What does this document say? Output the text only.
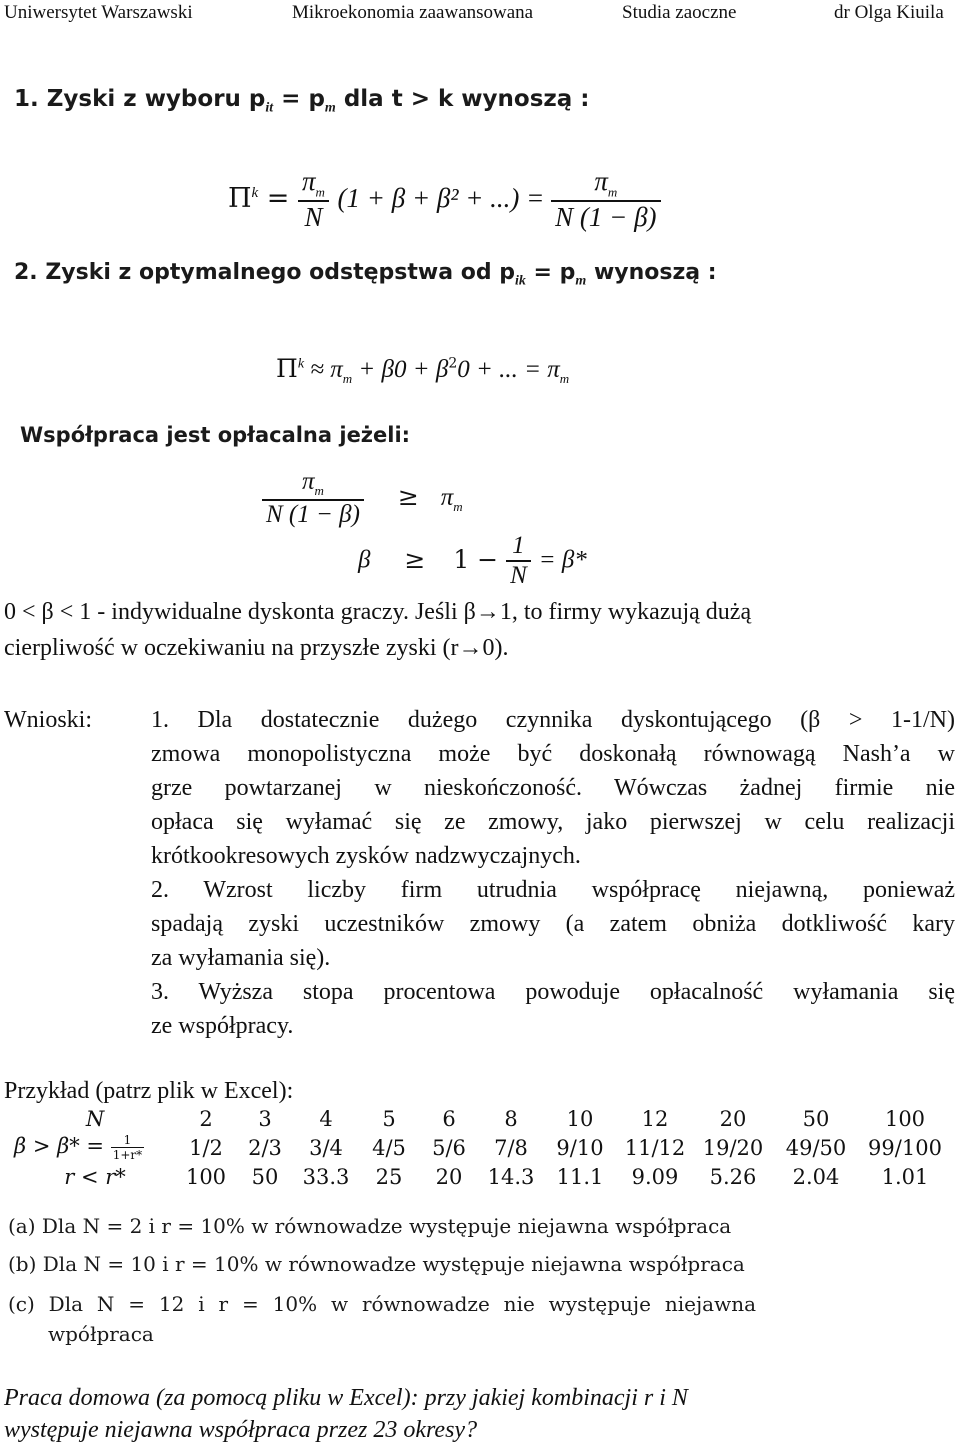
Uniwersytet Warszawski	Mikroekonomia zaawansowana	Studia zaoczne	dr Olga Kiuila
1. Zyski z wyboru $p_{it} = p_m$ dla t > k wynoszą :
$\Pi^k = \frac{\pi_m}{N} (1 + \beta + \beta^2$ + ...) = $\frac{\pi_m}{N (1 - \beta)}$
2. Zyski z optymalnego odstępstwa od $p_{ik} = p_m$ wynoszą :
$\Pi^k \approx \pi_m + \beta 0 + \beta^20$ + ... = $\pi_m$
Współpraca jest opłacalna jeżeli:
$\frac{\pi_m}{N (1 - \beta)} \ge \pi_m$
$\beta \ge 1 - \frac{1}{N} = \beta*$
0 < β < 1 - indywidualne dyskonta graczy. Jeśli β→1, to firmy wykazują dużą
cierpliwość w oczekiwaniu na przyszłe zyski (r→0).
Wnioski: 1. Dla dostatecznie dużego czynnika dyskontującego (β > 1-1/N)
zmowa monopolistyczna może być doskonałą równowagą Nash’a w
grze powtarzanej w nieskończoność. Wówczas żadnej firmie nie
opłaca się wyłamać się ze zmowy, jako pierwszej w celu realizacji
krótkookresowych zysków nadzwyczajnych.
2. Wzrost liczby firm utrudnia współpracę niejawną, ponieważ
spadają zyski uczestników zmowy (a zatem obniża dotkliwość kary
za wyłamania się).
3. Wyższa stopa procentowa powoduje opłacalność wyłamania się
ze współpracy.
Przykład (patrz plik w Excel):
N	2	3	4	5	6	8	10	12	20	50	100
$\beta > \beta* = \frac{1}{1+r*}$	1/2	2/3	3/4	4/5	5/6	7/8	9/10	11/12	19/20	49/50	99/100
r < r*	100	50	33.3	25	20	14.3	11.1	9.09	5.26	2.04	1.01
(a) Dla N = 2 i r = 10% w równowadze występuje niejawna współpraca
(b) Dla N = 10 i r = 10% w równowadze występuje niejawna współpraca
(c) Dla N = 12 i r = 10% w równowadze nie występuje niejawna
wpółpraca
Praca domowa (za pomocą pliku w Excel): przy jakiej kombinacji r i N
występuje niejawna współpraca przez 23 okresy?
